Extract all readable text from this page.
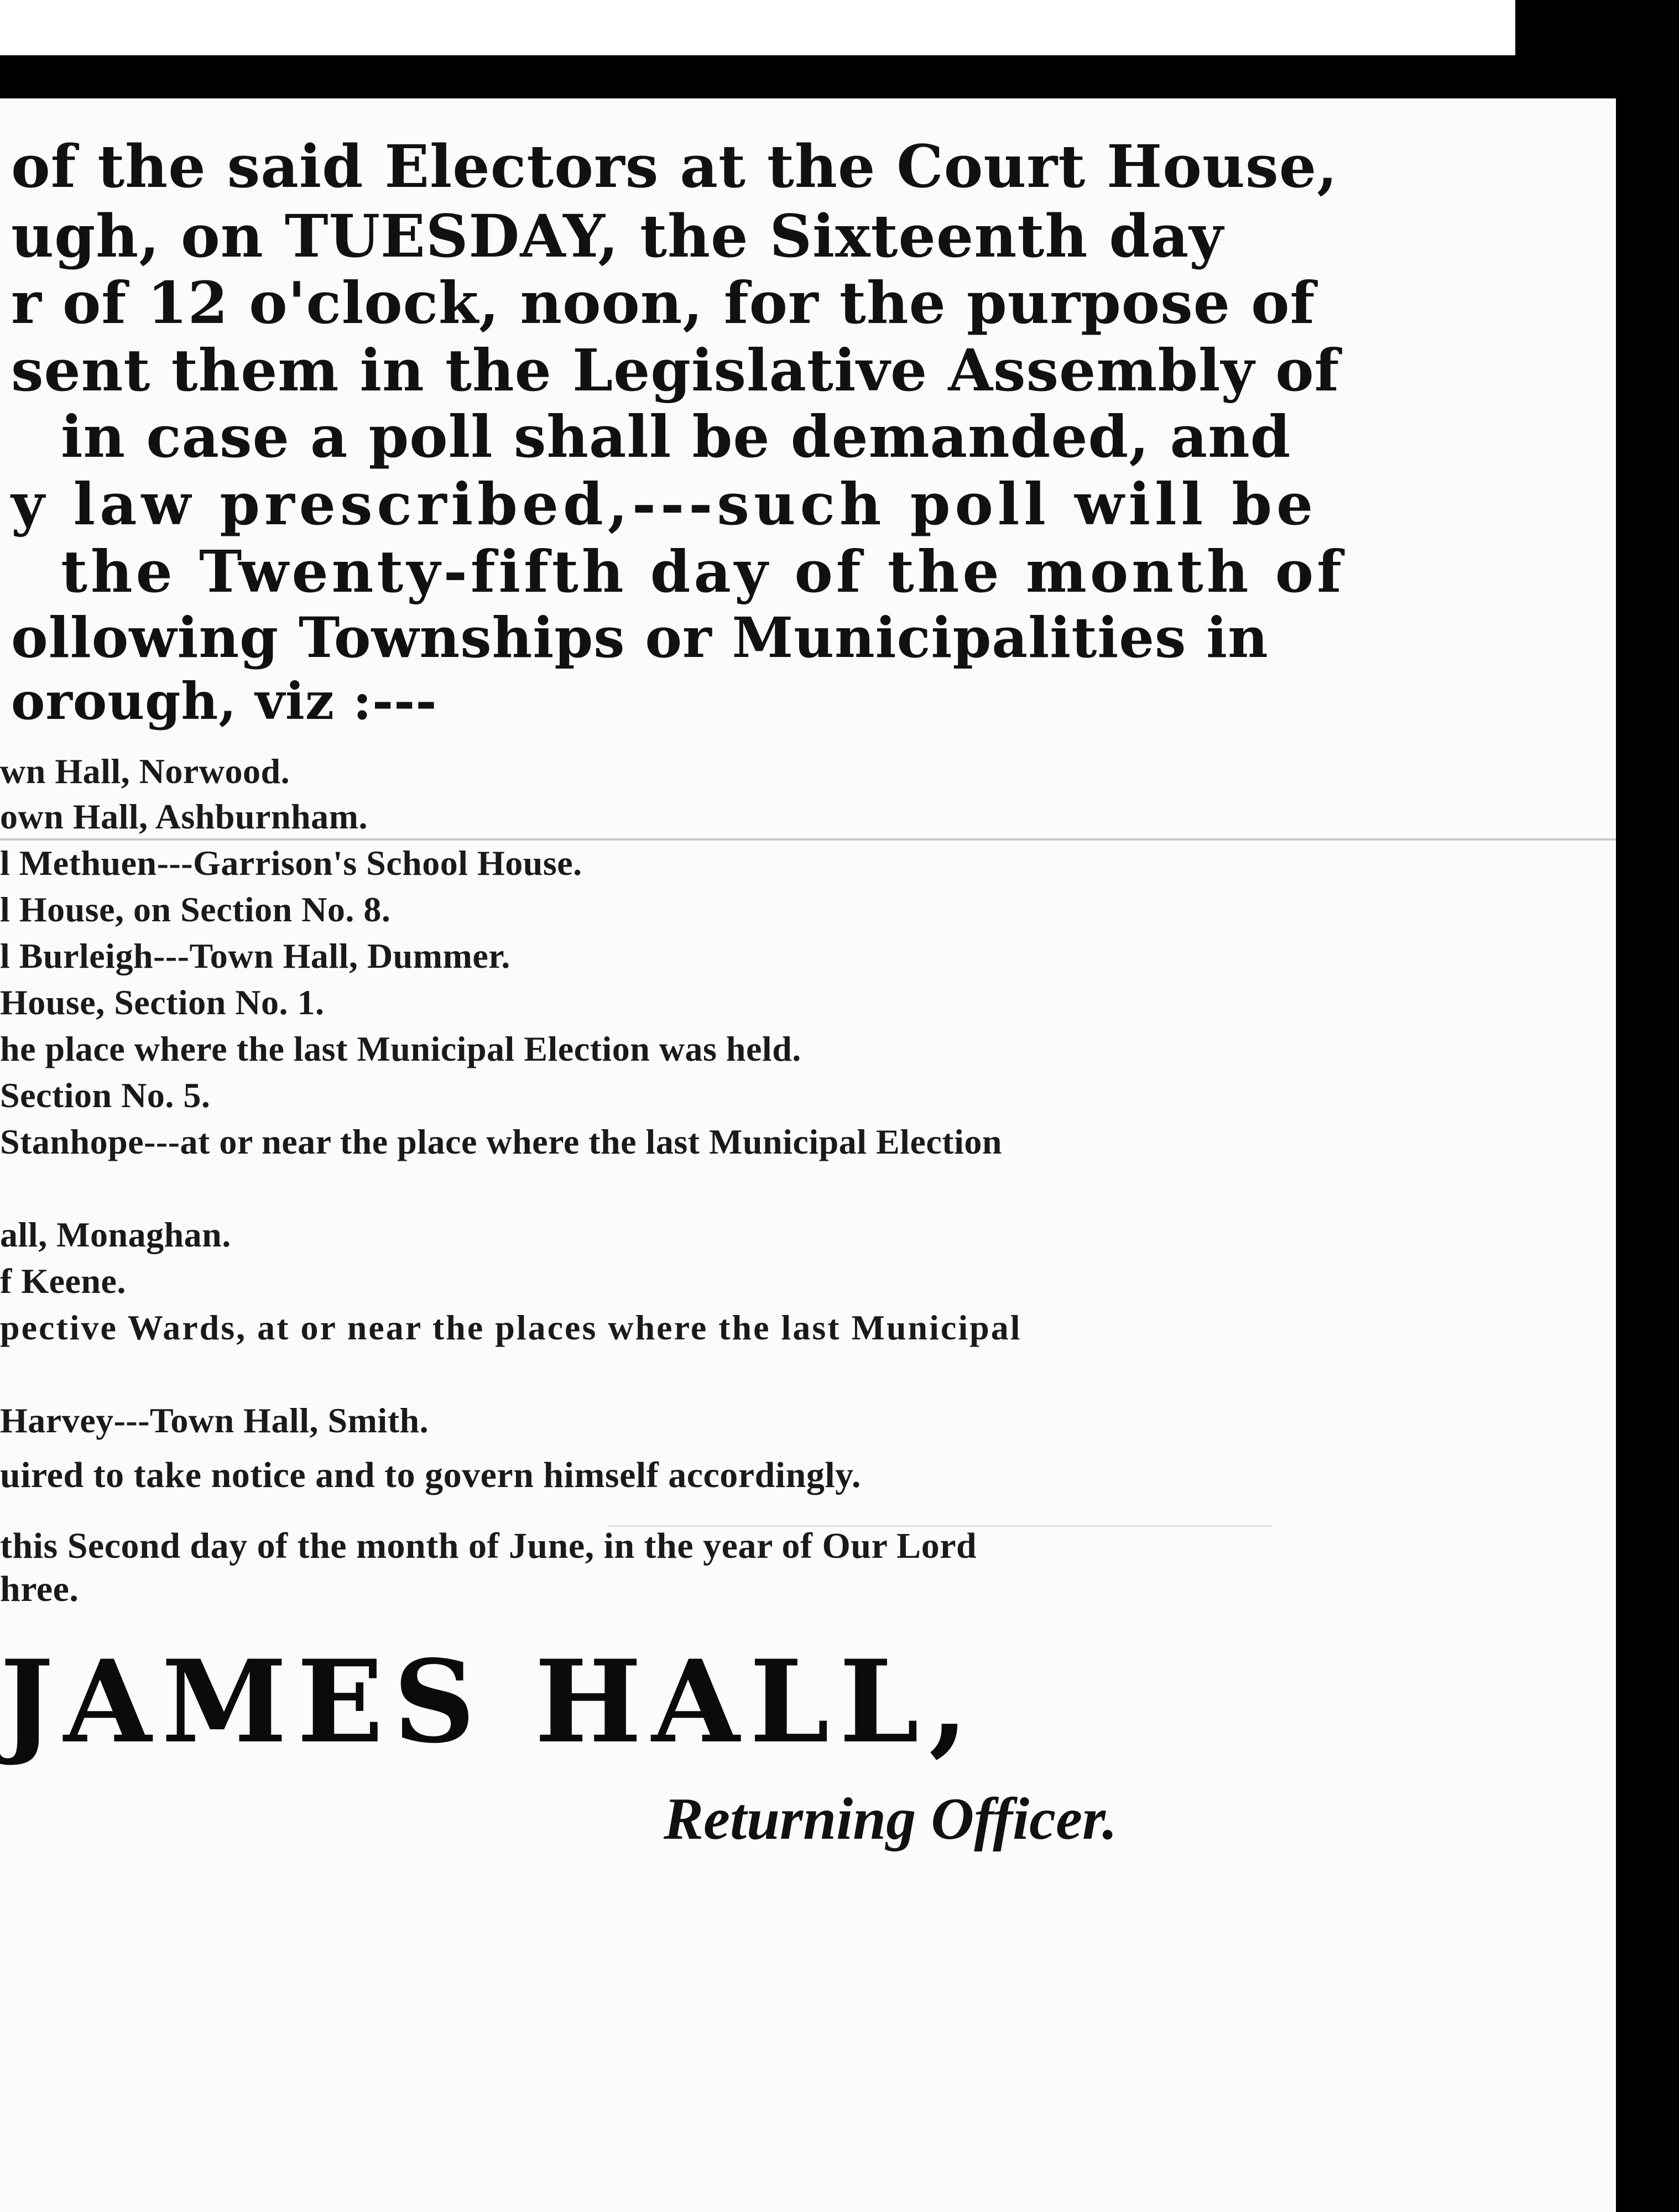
of the said Electors at the Court House,
ugh, on TUESDAY, the Sixteenth day
r of 12 o'clock, noon, for the purpose of
sent them in the Legislative Assembly of
in case a poll shall be demanded, and
y law prescribed,---such poll will be
the Twenty-fifth day of the month of
ollowing Townships or Municipalities in
orough, viz :---
wn Hall, Norwood.
own Hall, Ashburnham.
l Methuen---Garrison's School House.
l House, on Section No. 8.
l Burleigh---Town Hall, Dummer.
House, Section No. 1.
he place where the last Municipal Election was held.
Section No. 5.
Stanhope---at or near the place where the last Municipal Election
all, Monaghan.
f Keene.
pective Wards, at or near the places where the last Municipal
Harvey---Town Hall, Smith.
uired to take notice and to govern himself accordingly.
this Second day of the month of June, in the year of Our Lord
hree.
JAMES HALL,
Returning Officer.
